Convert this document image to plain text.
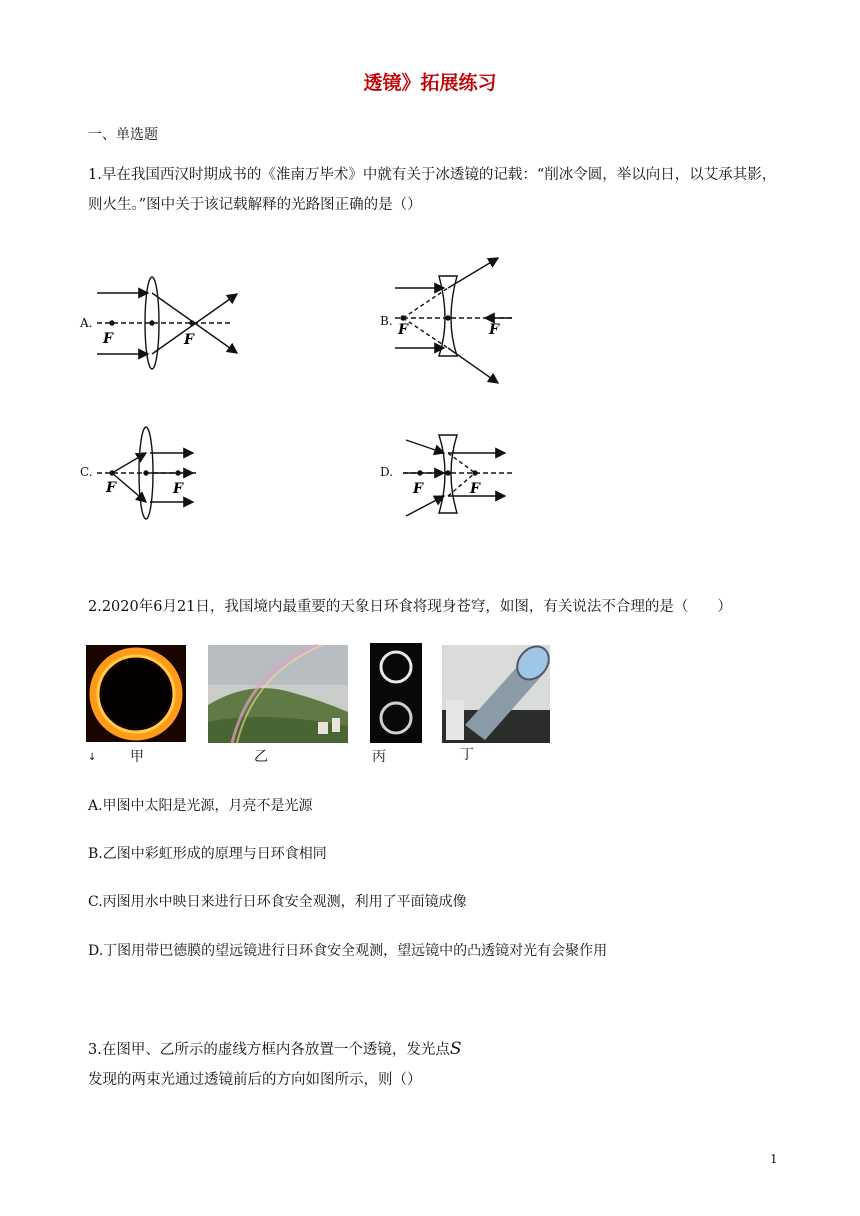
透镜》拓展练习
一、单选题
1.早在我国西汉时期成书的《淮南万毕术》中就有关于冰透镜的记载：“削冰令圆，举以向日，以艾承其影，则火生。”图中关于该记载解释的光路图正确的是（）
A.	B.
C.	D.
F	F
F	F
F	F	F	F
2.2020年6月21日，我国境内最重要的天象日环食将现身苍穹，如图，有关说法不合理的是（　　）
↓ 甲	乙	丙	丁
A.甲图中太阳是光源，月亮不是光源
B.乙图中彩虹形成的原理与日环食相同
C.丙图用水中映日来进行日环食安全观测，利用了平面镜成像
D.丁图用带巴德膜的望远镜进行日环食安全观测，望远镜中的凸透镜对光有会聚作用
3.在图甲、乙所示的虚线方框内各放置一个透镜，发光点S发现的两束光通过透镜前后的方向如图所示，则（）
1
